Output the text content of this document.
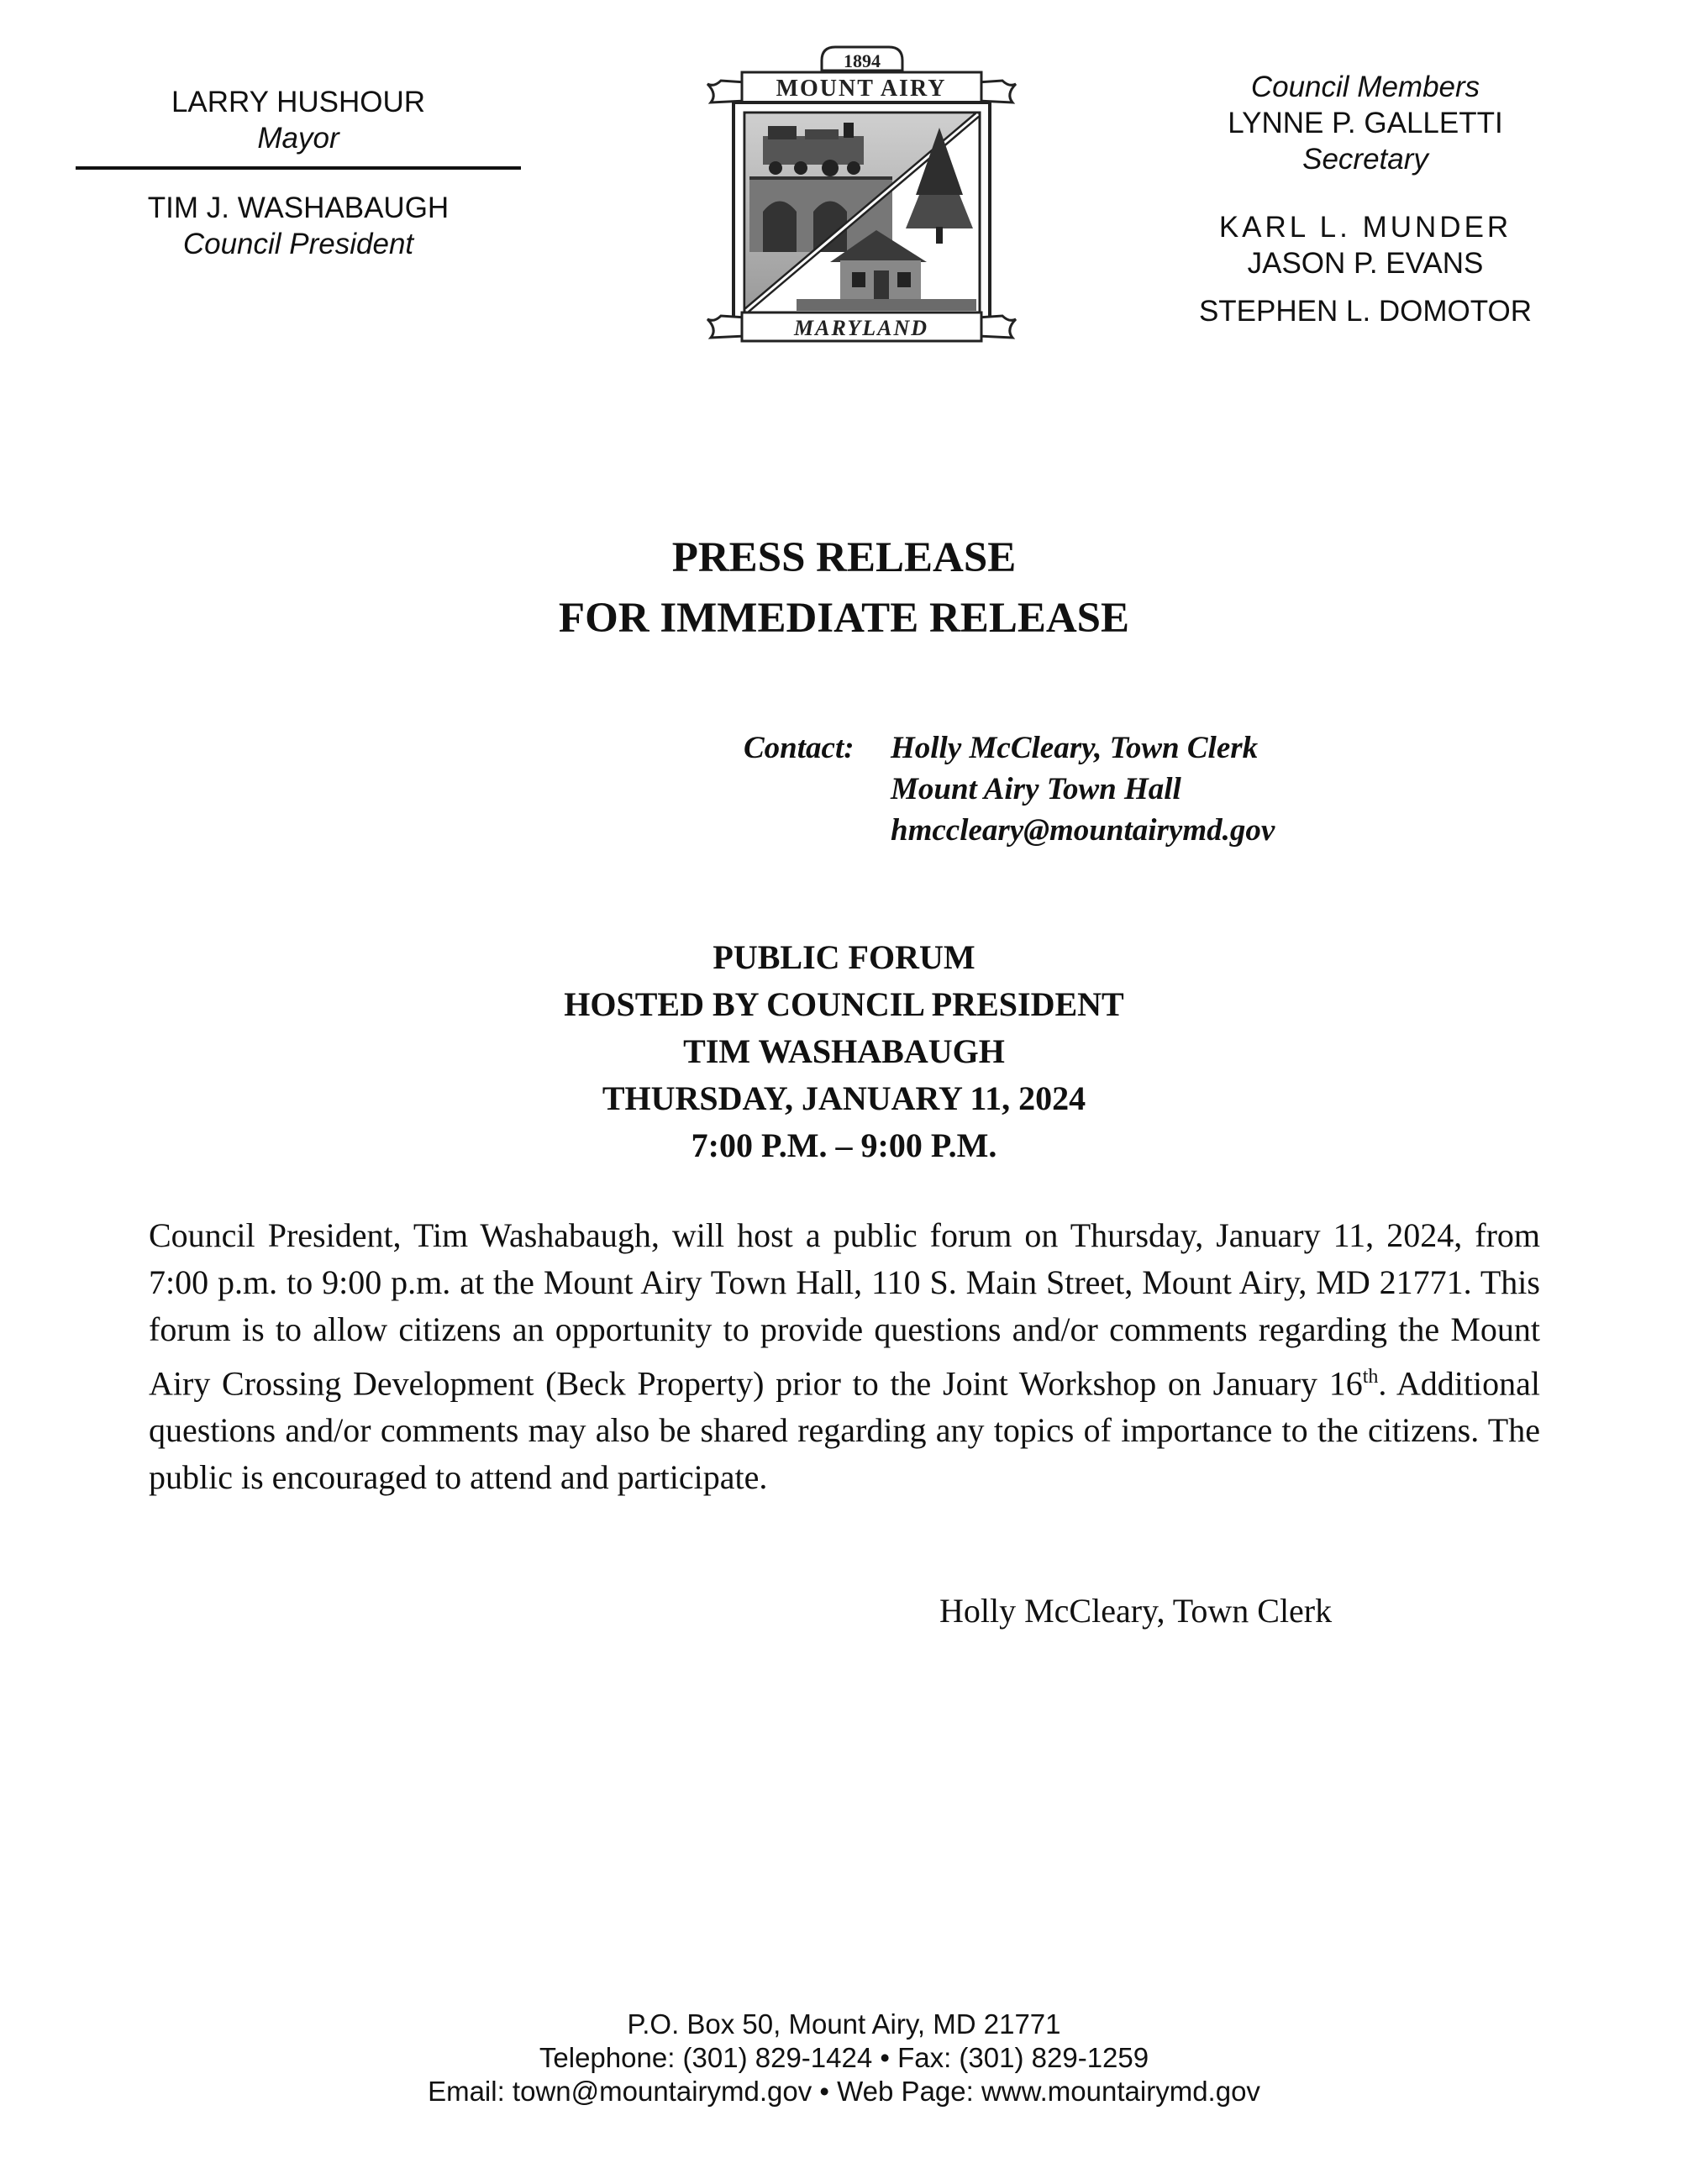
LARRY HUSHOUR
Mayor
TIM J. WASHABAUGH
Council President
1894
MOUNT AIRY
MARYLAND
Council Members
LYNNE P. GALLETTI
Secretary
KARL L. MUNDER
JASON P. EVANS
STEPHEN L. DOMOTOR
PRESS RELEASE
FOR IMMEDIATE RELEASE
Contact:	Holly McCleary, Town Clerk
Mount Airy Town Hall
hmccleary@mountairymd.gov
PUBLIC FORUM
HOSTED BY COUNCIL PRESIDENT
TIM WASHABAUGH
THURSDAY, JANUARY 11, 2024
7:00 P.M. – 9:00 P.M.
Council President, Tim Washabaugh, will host a public forum on Thursday, January 11, 2024, from 7:00 p.m. to 9:00 p.m. at the Mount Airy Town Hall, 110 S. Main Street, Mount Airy, MD 21771. This forum is to allow citizens an opportunity to provide questions and/or comments regarding the Mount Airy Crossing Development (Beck Property) prior to the Joint Workshop on January 16th. Additional questions and/or comments may also be shared regarding any topics of importance to the citizens. The public is encouraged to attend and participate.
Holly McCleary, Town Clerk
P.O. Box 50, Mount Airy, MD 21771
Telephone: (301) 829-1424 • Fax: (301) 829-1259
Email: town@mountairymd.gov • Web Page: www.mountairymd.gov
